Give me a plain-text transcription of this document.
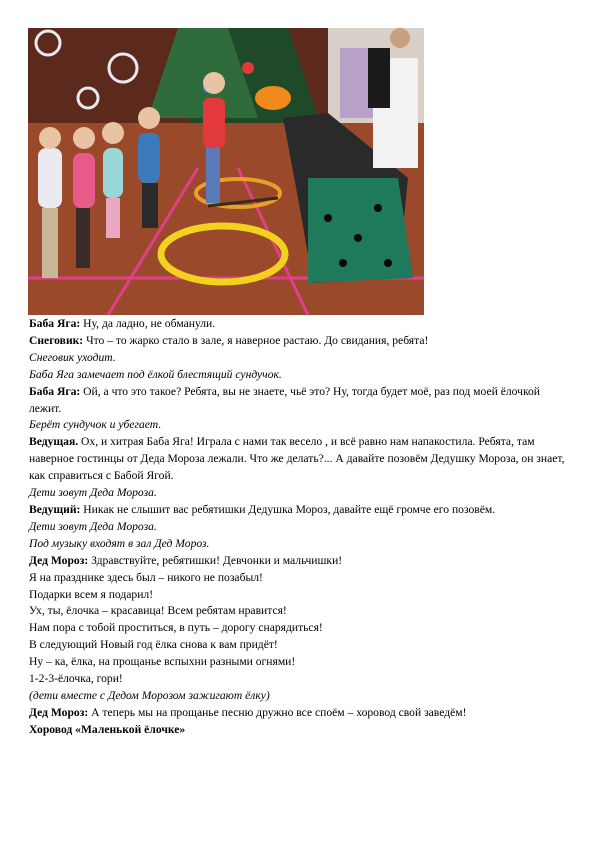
Баба Яга: Ну, да ладно, не обманули.
Снеговик: Что – то жарко стало в зале, я наверное растаю. До свидания, ребята!
Снеговик уходит.
Баба Яга замечает под ёлкой блестящий сундучок.
Баба Яга: Ой, а что это такое? Ребята, вы не знаете, чьё это? Ну, тогда будет моё, раз под моей ёлочкой лежит.
Берёт сундучок и убегает.
Ведущая. Ох, и хитрая Баба Яга! Играла с нами так весело , и всё равно нам напакостила. Ребята, там наверное гостинцы от Деда Мороза лежали. Что же делать?... А давайте позовём Дедушку Мороза, он знает, как справиться с Бабой Ягой.
Дети зовут Деда Мороза.
Ведущий: Никак не слышит вас ребятишки Дедушка Мороз, давайте ещё громче его позовём.
Дети зовут Деда Мороза.
Под музыку входят в зал Дед Мороз.
Дед Мороз: Здравствуйте, ребятишки! Девчонки и мальчишки!
Я на празднике здесь был – никого не позабыл!
Подарки всем я подарил!
Ух, ты, ёлочка – красавица! Всем ребятам нравится!
Нам пора с тобой проститься, в путь – дорогу снарядиться!
В следующий Новый год ёлка снова к вам придёт!
Ну – ка, ёлка, на прощанье вспыхни разными огнями!
1-2-3-ёлочка, гори!
(дети вместе с Дедом Морозом зажигают ёлку)
Дед Мороз: А теперь мы на прощанье песню дружно все споём – хоровод свой заведём!
Хоровод «Маленькой ёлочке»
